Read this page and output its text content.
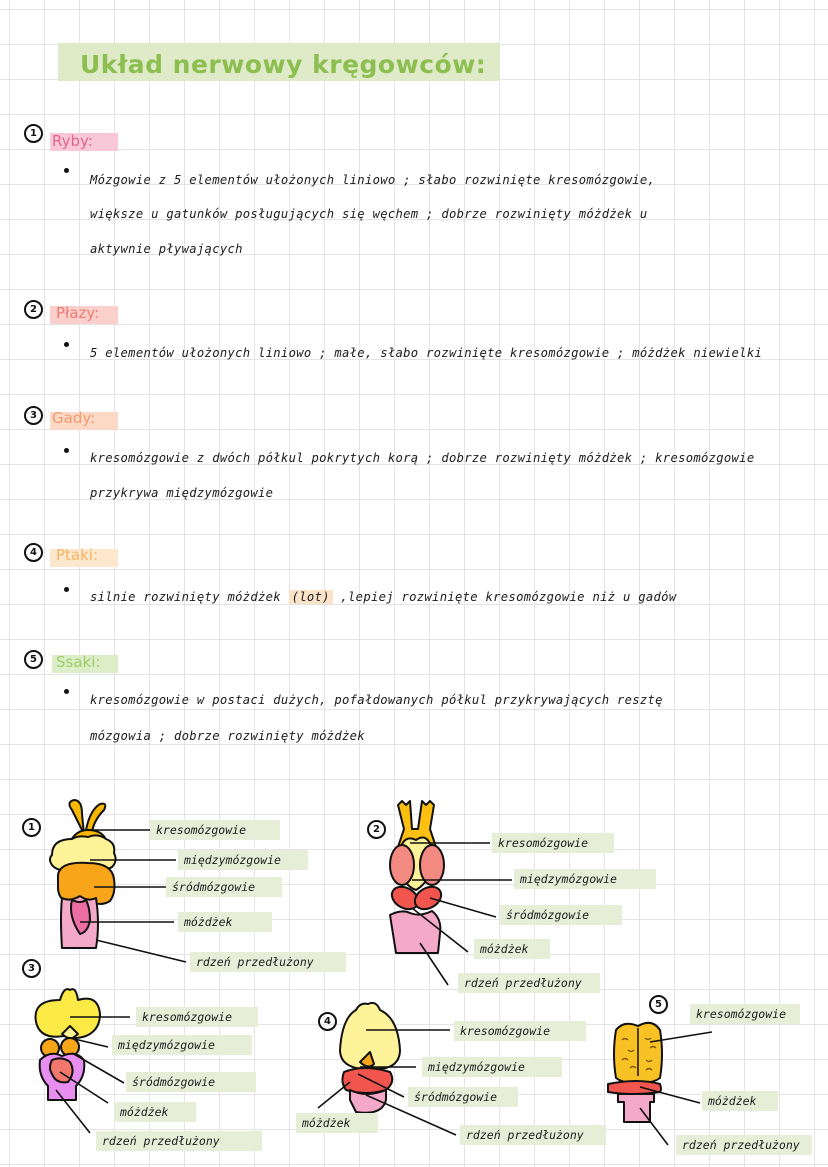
Układ nerwowy kręgowców:
1	Ryby:
Mózgowie z 5 elementów ułożonych liniowo ; słabo rozwinięte kresomózgowie,
większe u gatunków posługujących się węchem ; dobrze rozwinięty móżdżek u
aktywnie pływających
2	Płazy:
5 elementów ułożonych liniowo ; małe, słabo rozwinięte kresomózgowie ; móżdżek niewielki
3	Gady:
kresomózgowie z dwóch półkul pokrytych korą ; dobrze rozwinięty móżdżek ; kresomózgowie
przykrywa międzymózgowie
4	Ptaki:
silnie rozwinięty móżdżek (lot) ,lepiej rozwinięte kresomózgowie niż u gadów
5	Ssaki:
kresomózgowie w postaci dużych, pofałdowanych półkul przykrywających resztę
mózgowia ; dobrze rozwinięty móżdżek
1	2
3
4
5
kresomózgowie
międzymózgowie
śródmózgowie
móżdżek
rdzeń przedłużony
kresomózgowie
międzymózgowie
śródmózgowie
móżdżek
rdzeń przedłużony
kresomózgowie
międzymózgowie
śródmózgowie
móżdżek
rdzeń przedłużony
kresomózgowie
międzymózgowie
śródmózgowie
móżdżek
rdzeń przedłużony
kresomózgowie
móżdżek
rdzeń przedłużony
